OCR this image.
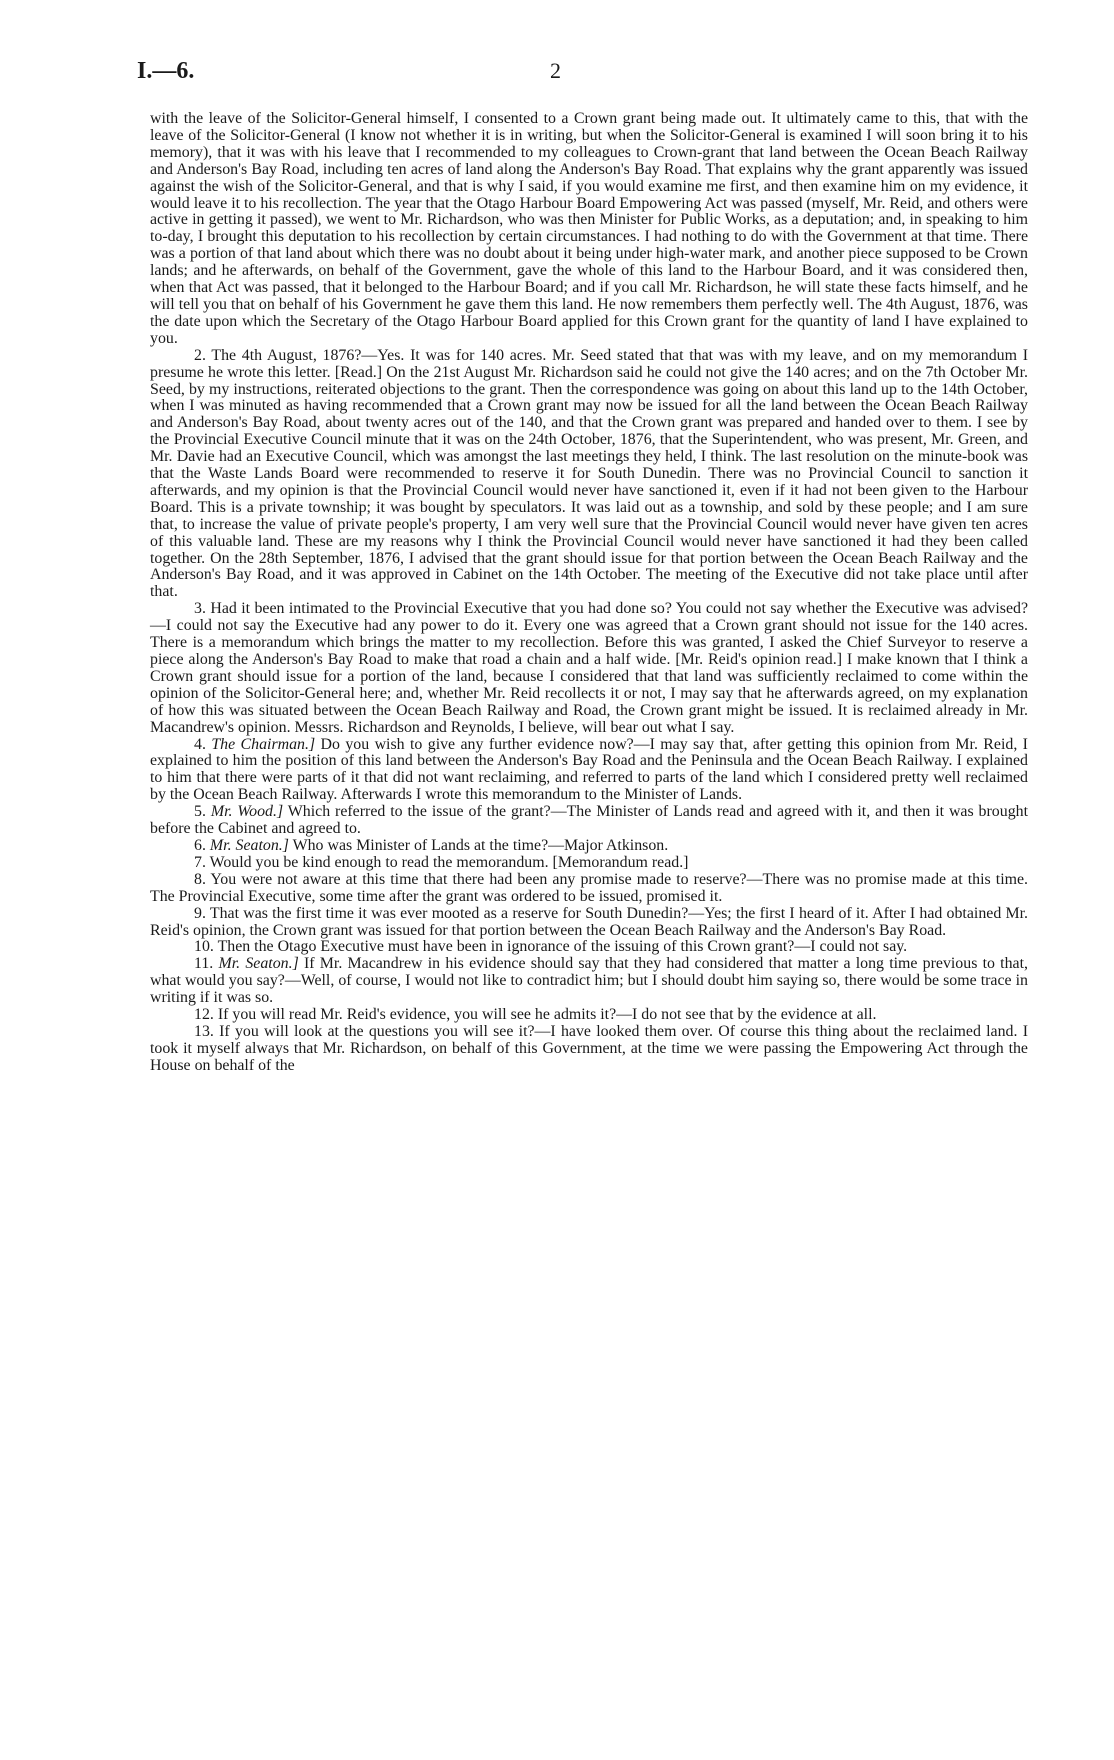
I.—6.	2

with the leave of the Solicitor-General himself, I consented to a Crown grant being made out. It ultimately came to this, that with the leave of the Solicitor-General (I know not whether it is in writing, but when the Solicitor-General is examined I will soon bring it to his memory), that it was with his leave that I recommended to my colleagues to Crown-grant that land between the Ocean Beach Railway and Anderson's Bay Road, including ten acres of land along the Anderson's Bay Road. That explains why the grant apparently was issued against the wish of the Solicitor-General, and that is why I said, if you would examine me first, and then examine him on my evidence, it would leave it to his recollection. The year that the Otago Harbour Board Empowering Act was passed (myself, Mr. Reid, and others were active in getting it passed), we went to Mr. Richardson, who was then Minister for Public Works, as a deputation; and, in speaking to him to-day, I brought this deputation to his recollection by certain circumstances. I had nothing to do with the Government at that time. There was a portion of that land about which there was no doubt about it being under high-water mark, and another piece supposed to be Crown lands; and he afterwards, on behalf of the Government, gave the whole of this land to the Harbour Board, and it was considered then, when that Act was passed, that it belonged to the Harbour Board; and if you call Mr. Richardson, he will state these facts himself, and he will tell you that on behalf of his Government he gave them this land. He now remembers them perfectly well. The 4th August, 1876, was the date upon which the Secretary of the Otago Harbour Board applied for this Crown grant for the quantity of land I have explained to you.

2. The 4th August, 1876?—Yes. It was for 140 acres. Mr. Seed stated that that was with my leave, and on my memorandum I presume he wrote this letter. [Read.] On the 21st August Mr. Richardson said he could not give the 140 acres; and on the 7th October Mr. Seed, by my instructions, reiterated objections to the grant. Then the correspondence was going on about this land up to the 14th October, when I was minuted as having recommended that a Crown grant may now be issued for all the land between the Ocean Beach Railway and Anderson's Bay Road, about twenty acres out of the 140, and that the Crown grant was prepared and handed over to them. I see by the Provincial Executive Council minute that it was on the 24th October, 1876, that the Superintendent, who was present, Mr. Green, and Mr. Davie had an Executive Council, which was amongst the last meetings they held, I think. The last resolution on the minute-book was that the Waste Lands Board were recommended to reserve it for South Dunedin. There was no Provincial Council to sanction it afterwards, and my opinion is that the Provincial Council would never have sanctioned it, even if it had not been given to the Harbour Board. This is a private township; it was bought by speculators. It was laid out as a township, and sold by these people; and I am sure that, to increase the value of private people's property, I am very well sure that the Provincial Council would never have given ten acres of this valuable land. These are my reasons why I think the Provincial Council would never have sanctioned it had they been called together. On the 28th September, 1876, I advised that the grant should issue for that portion between the Ocean Beach Railway and the Anderson's Bay Road, and it was approved in Cabinet on the 14th October. The meeting of the Executive did not take place until after that.

3. Had it been intimated to the Provincial Executive that you had done so? You could not say whether the Executive was advised?—I could not say the Executive had any power to do it. Every one was agreed that a Crown grant should not issue for the 140 acres. There is a memorandum which brings the matter to my recollection. Before this was granted, I asked the Chief Surveyor to reserve a piece along the Anderson's Bay Road to make that road a chain and a half wide. [Mr. Reid's opinion read.] I make known that I think a Crown grant should issue for a portion of the land, because I considered that that land was sufficiently reclaimed to come within the opinion of the Solicitor-General here; and, whether Mr. Reid recollects it or not, I may say that he afterwards agreed, on my explanation of how this was situated between the Ocean Beach Railway and Road, the Crown grant might be issued. It is reclaimed already in Mr. Macandrew's opinion. Messrs. Richardson and Reynolds, I believe, will bear out what I say.

4. The Chairman.] Do you wish to give any further evidence now?—I may say that, after getting this opinion from Mr. Reid, I explained to him the position of this land between the Anderson's Bay Road and the Peninsula and the Ocean Beach Railway. I explained to him that there were parts of it that did not want reclaiming, and referred to parts of the land which I considered pretty well reclaimed by the Ocean Beach Railway. Afterwards I wrote this memorandum to the Minister of Lands.

5. Mr. Wood.] Which referred to the issue of the grant?—The Minister of Lands read and agreed with it, and then it was brought before the Cabinet and agreed to.

6. Mr. Seaton.] Who was Minister of Lands at the time?—Major Atkinson.

7. Would you be kind enough to read the memorandum. [Memorandum read.]

8. You were not aware at this time that there had been any promise made to reserve?—There was no promise made at this time. The Provincial Executive, some time after the grant was ordered to be issued, promised it.

9. That was the first time it was ever mooted as a reserve for South Dunedin?—Yes; the first I heard of it. After I had obtained Mr. Reid's opinion, the Crown grant was issued for that portion between the Ocean Beach Railway and the Anderson's Bay Road.

10. Then the Otago Executive must have been in ignorance of the issuing of this Crown grant?—I could not say.

11. Mr. Seaton.] If Mr. Macandrew in his evidence should say that they had considered that matter a long time previous to that, what would you say?—Well, of course, I would not like to contradict him; but I should doubt him saying so, there would be some trace in writing if it was so.

12. If you will read Mr. Reid's evidence, you will see he admits it?—I do not see that by the evidence at all.

13. If you will look at the questions you will see it?—I have looked them over. Of course this thing about the reclaimed land. I took it myself always that Mr. Richardson, on behalf of this Government, at the time we were passing the Empowering Act through the House on behalf of the
